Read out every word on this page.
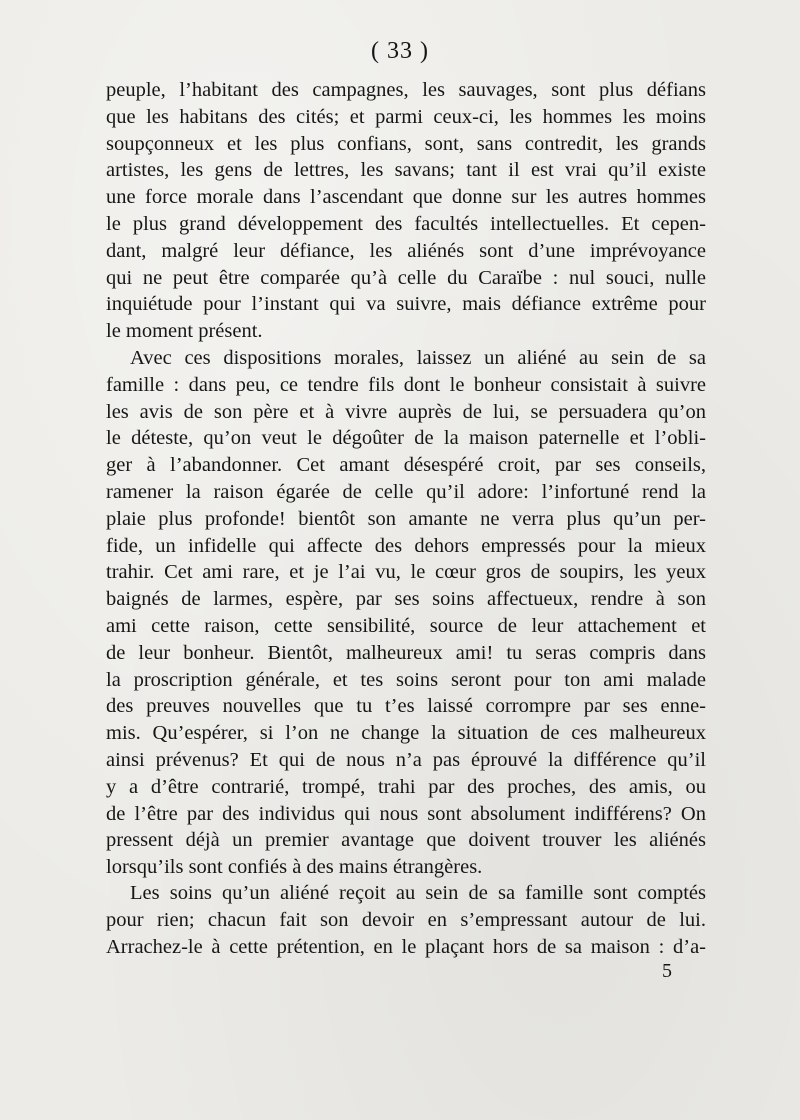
( 33 )
peuple, l’habitant des campagnes, les sauvages, sont plus défians
que les habitans des cités; et parmi ceux-ci, les hommes les moins
soupçonneux et les plus confians, sont, sans contredit, les grands
artistes, les gens de lettres, les savans; tant il est vrai qu’il existe
une force morale dans l’ascendant que donne sur les autres hommes
le plus grand développement des facultés intellectuelles. Et cepen-
dant, malgré leur défiance, les aliénés sont d’une imprévoyance
qui ne peut être comparée qu’à celle du Caraïbe : nul souci, nulle
inquiétude pour l’instant qui va suivre, mais défiance extrême pour
le moment présent.
Avec ces dispositions morales, laissez un aliéné au sein de sa
famille : dans peu, ce tendre fils dont le bonheur consistait à suivre
les avis de son père et à vivre auprès de lui, se persuadera qu’on
le déteste, qu’on veut le dégoûter de la maison paternelle et l’obli-
ger à l’abandonner. Cet amant désespéré croit, par ses conseils,
ramener la raison égarée de celle qu’il adore: l’infortuné rend la
plaie plus profonde! bientôt son amante ne verra plus qu’un per-
fide, un infidelle qui affecte des dehors empressés pour la mieux
trahir. Cet ami rare, et je l’ai vu, le cœur gros de soupirs, les yeux
baignés de larmes, espère, par ses soins affectueux, rendre à son
ami cette raison, cette sensibilité, source de leur attachement et
de leur bonheur. Bientôt, malheureux ami! tu seras compris dans
la proscription générale, et tes soins seront pour ton ami malade
des preuves nouvelles que tu t’es laissé corrompre par ses enne-
mis. Qu’espérer, si l’on ne change la situation de ces malheureux
ainsi prévenus? Et qui de nous n’a pas éprouvé la différence qu’il
y a d’être contrarié, trompé, trahi par des proches, des amis, ou
de l’être par des individus qui nous sont absolument indifférens? On
pressent déjà un premier avantage que doivent trouver les aliénés
lorsqu’ils sont confiés à des mains étrangères.
Les soins qu’un aliéné reçoit au sein de sa famille sont comptés
pour rien; chacun fait son devoir en s’empressant autour de lui.
Arrachez-le à cette prétention, en le plaçant hors de sa maison : d’a-
5
